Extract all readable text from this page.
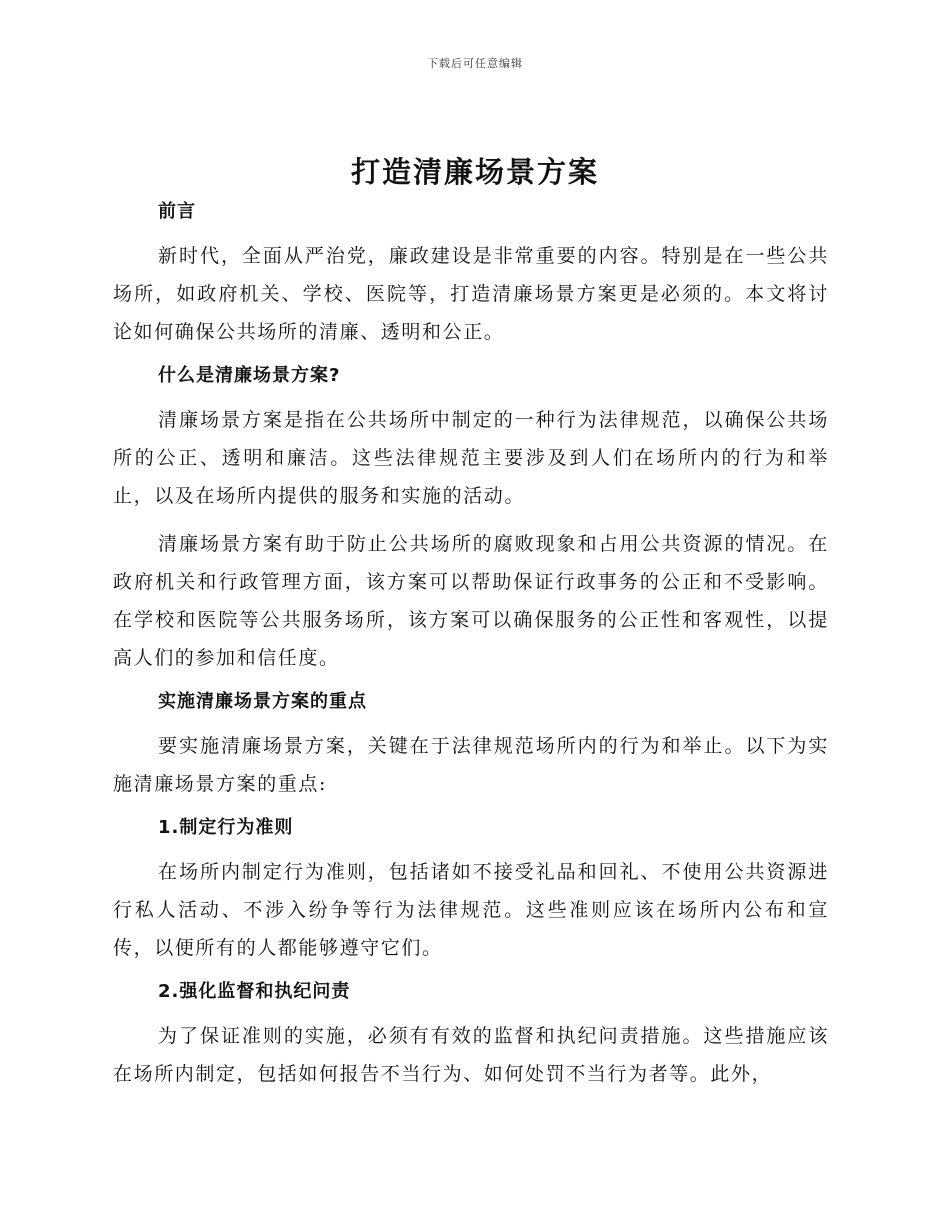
下载后可任意编辑
打造清廉场景方案
前言

新时代，全面从严治党，廉政建设是非常重要的内容。特别是在一些公共场所，如政府机关、学校、医院等，打造清廉场景方案更是必须的。本文将讨论如何确保公共场所的清廉、透明和公正。

什么是清廉场景方案?

清廉场景方案是指在公共场所中制定的一种行为法律规范，以确保公共场所的公正、透明和廉洁。这些法律规范主要涉及到人们在场所内的行为和举止，以及在场所内提供的服务和实施的活动。

清廉场景方案有助于防止公共场所的腐败现象和占用公共资源的情况。在政府机关和行政管理方面，该方案可以帮助保证行政事务的公正和不受影响。在学校和医院等公共服务场所，该方案可以确保服务的公正性和客观性，以提高人们的参加和信任度。

实施清廉场景方案的重点

要实施清廉场景方案，关键在于法律规范场所内的行为和举止。以下为实施清廉场景方案的重点:

1.制定行为准则

在场所内制定行为准则，包括诸如不接受礼品和回礼、不使用公共资源进行私人活动、不涉入纷争等行为法律规范。这些准则应该在场所内公布和宣传，以便所有的人都能够遵守它们。

2.强化监督和执纪问责

为了保证准则的实施，必须有有效的监督和执纪问责措施。这些措施应该在场所内制定，包括如何报告不当行为、如何处罚不当行为者等。此外，
